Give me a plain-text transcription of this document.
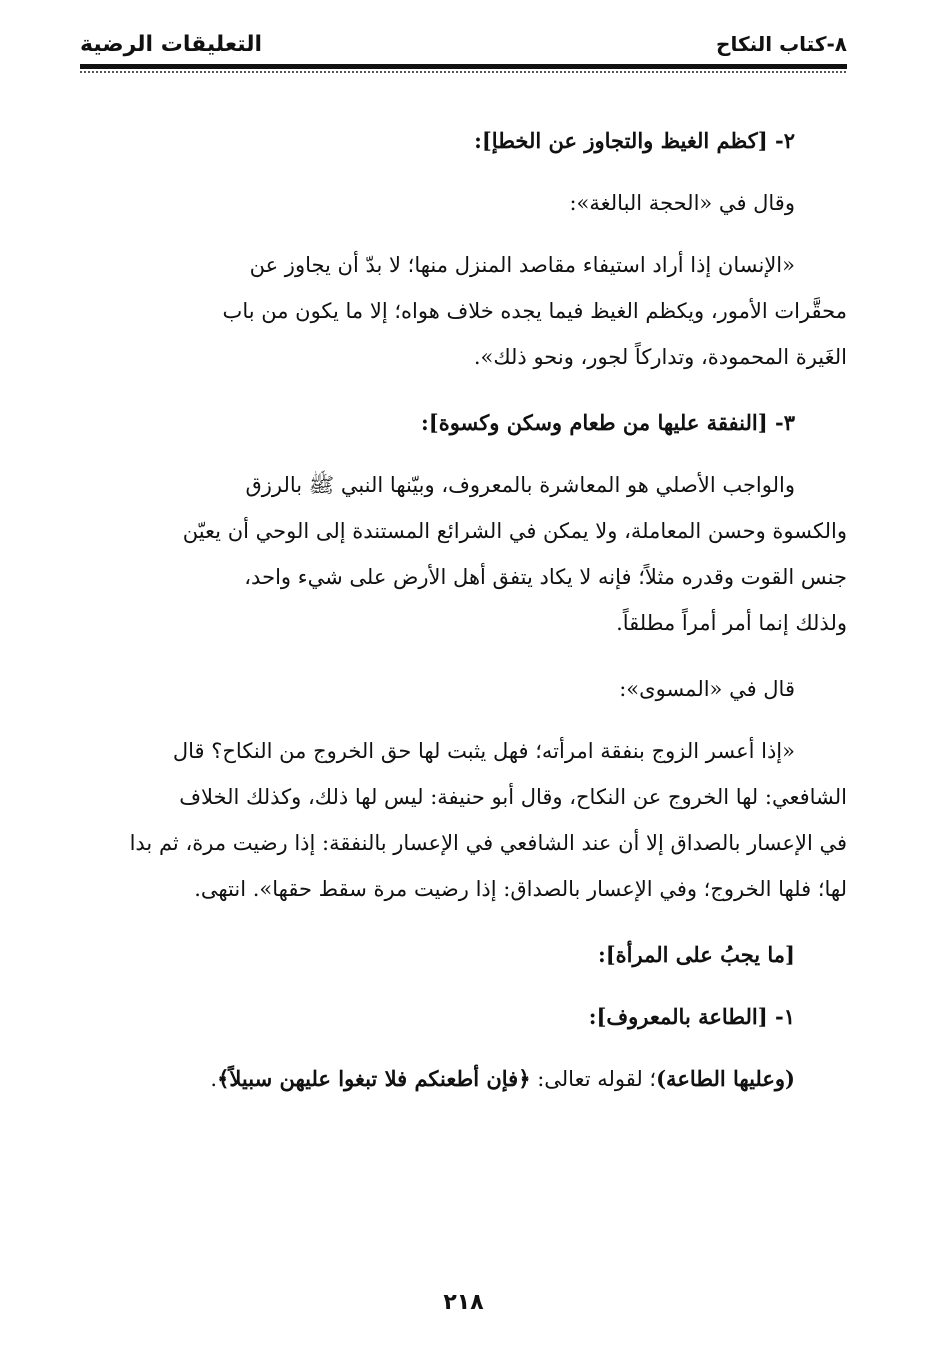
٨-كتاب النكاح
التعليقات الرضية
٢- [كظم الغيظ والتجاوز عن الخطإ]:
وقال في «الحجة البالغة»:
«الإنسان إذا أراد استيفاء مقاصد المنزل منها؛ لا بدّ أن يجاوز عن
محقَّرات الأمور، ويكظم الغيظ فيما يجده خلاف هواه؛ إلا ما يكون من باب
الغَيرة المحمودة، وتداركاً لجور، ونحو ذلك».
٣- [النفقة عليها من طعام وسكن وكسوة]:
والواجب الأصلي هو المعاشرة بالمعروف، وبيّنها النبي ﷺ بالرزق
والكسوة وحسن المعاملة، ولا يمكن في الشرائع المستندة إلى الوحي أن يعيّن
جنس القوت وقدره مثلاً؛ فإنه لا يكاد يتفق أهل الأرض على شيء واحد،
ولذلك إنما أمر أمراً مطلقاً.
قال في «المسوى»:
«إذا أعسر الزوج بنفقة امرأته؛ فهل يثبت لها حق الخروج من النكاح؟ قال
الشافعي: لها الخروج عن النكاح، وقال أبو حنيفة: ليس لها ذلك، وكذلك الخلاف
في الإعسار بالصداق إلا أن عند الشافعي في الإعسار بالنفقة: إذا رضيت مرة، ثم بدا
لها؛ فلها الخروج؛ وفي الإعسار بالصداق: إذا رضيت مرة سقط حقها». انتهى.
[ما يجبُ على المرأة]:
١- [الطاعة بالمعروف]:
(وعليها الطاعة)؛ لقوله تعالى: ﴿فإن أطعنكم فلا تبغوا عليهن سبيلاً﴾.
٢١٨
